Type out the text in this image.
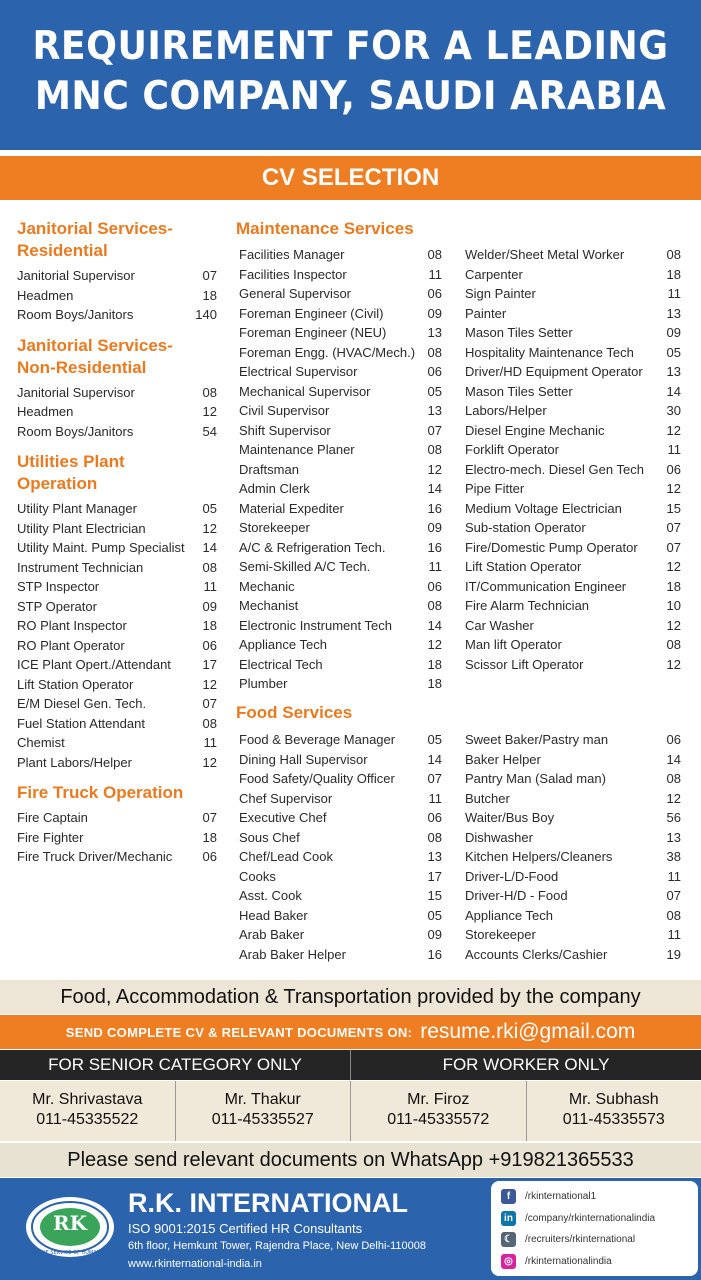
REQUIREMENT FOR A LEADING
MNC COMPANY, SAUDI ARABIA
CV SELECTION
Janitorial Services-
Residential
Janitorial Supervisor	07
Headmen	18
Room Boys/Janitors	140
Janitorial Services-
Non-Residential
Janitorial Supervisor	08
Headmen	12
Room Boys/Janitors	54
Utilities Plant
Operation
Utility Plant Manager	05
Utility Plant Electrician	12
Utility Maint. Pump Specialist 14
Instrument Technician	08
STP Inspector	11
STP Operator	09
RO Plant Inspector	18
RO Plant Operator	06
ICE Plant Opert./Attendant 17
Lift Station Operator	12
E/M Diesel Gen. Tech.	07
Fuel Station Attendant	08
Chemist	11
Plant Labors/Helper	12
Fire Truck Operation
Fire Captain	07
Fire Fighter	18
Fire Truck Driver/Mechanic 06
Maintenance Services
Facilities Manager	08
Facilities Inspector	11
General Supervisor	06
Foreman Engineer (Civil)	09
Foreman Engineer (NEU)	13
Foreman Engg. (HVAC/Mech.) 08
Electrical Supervisor	06
Mechanical Supervisor	05
Civil Supervisor	13
Shift Supervisor	07
Maintenance Planer	08
Draftsman	12
Admin Clerk	14
Material Expediter	16
Storekeeper	09
A/C & Refrigeration Tech.	16
Semi-Skilled A/C Tech.	11
Mechanic	06
Mechanist	08
Electronic Instrument Tech	14
Appliance Tech	12
Electrical Tech	18
Plumber	18
Welder/Sheet Metal Worker	08
Carpenter	18
Sign Painter	11
Painter	13
Mason Tiles Setter	09
Hospitality Maintenance Tech	05
Driver/HD Equipment Operator 13
Mason Tiles Setter	14
Labors/Helper	30
Diesel Engine Mechanic	12
Forklift Operator	11
Electro-mech. Diesel Gen Tech 06
Pipe Fitter	12
Medium Voltage Electrician	15
Sub-station Operator	07
Fire/Domestic Pump Operator 07
Lift Station Operator	12
IT/Communication Engineer	18
Fire Alarm Technician	10
Car Washer	12
Man lift Operator	08
Scissor Lift Operator	12
Food Services
Food & Beverage Manager 05
Dining Hall Supervisor	14
Food Safety/Quality Officer	07
Chef Supervisor	11
Executive Chef	06
Sous Chef	08
Chef/Lead Cook	13
Cooks	17
Asst. Cook	15
Head Baker	05
Arab Baker	09
Arab Baker Helper	16
Sweet Baker/Pastry man	06
Baker Helper	14
Pantry Man (Salad man)	08
Butcher	12
Waiter/Bus Boy	56
Dishwasher	13
Kitchen Helpers/Cleaners	38
Driver-L/D-Food	11
Driver-H/D - Food	07
Appliance Tech	08
Storekeeper	11
Accounts Clerks/Cashier	19
Food, Accommodation & Transportation provided by the company
SEND COMPLETE CV & RELEVANT DOCUMENTS ON: resume.rki@gmail.com
FOR SENIOR CATEGORY ONLY	FOR WORKER ONLY
Mr. Shrivastava
011-45335522
Mr. Thakur
011-45335527
Mr. Firoz
011-45335572
Mr. Subhash
011-45335573
Please send relevant documents on WhatsApp +919821365533
RK
IN THE SERVICE OF HUMANITY
R.K. INTERNATIONAL
ISO 9001:2015 Certified HR Consultants
6th floor, Hemkunt Tower, Rajendra Place, New Delhi-110008
www.rkinternational-india.in
f	/rkinternational1
in	/company/rkinternationalindia
☾	/recruiters/rkinternational
◎	/rkinternationalindia
